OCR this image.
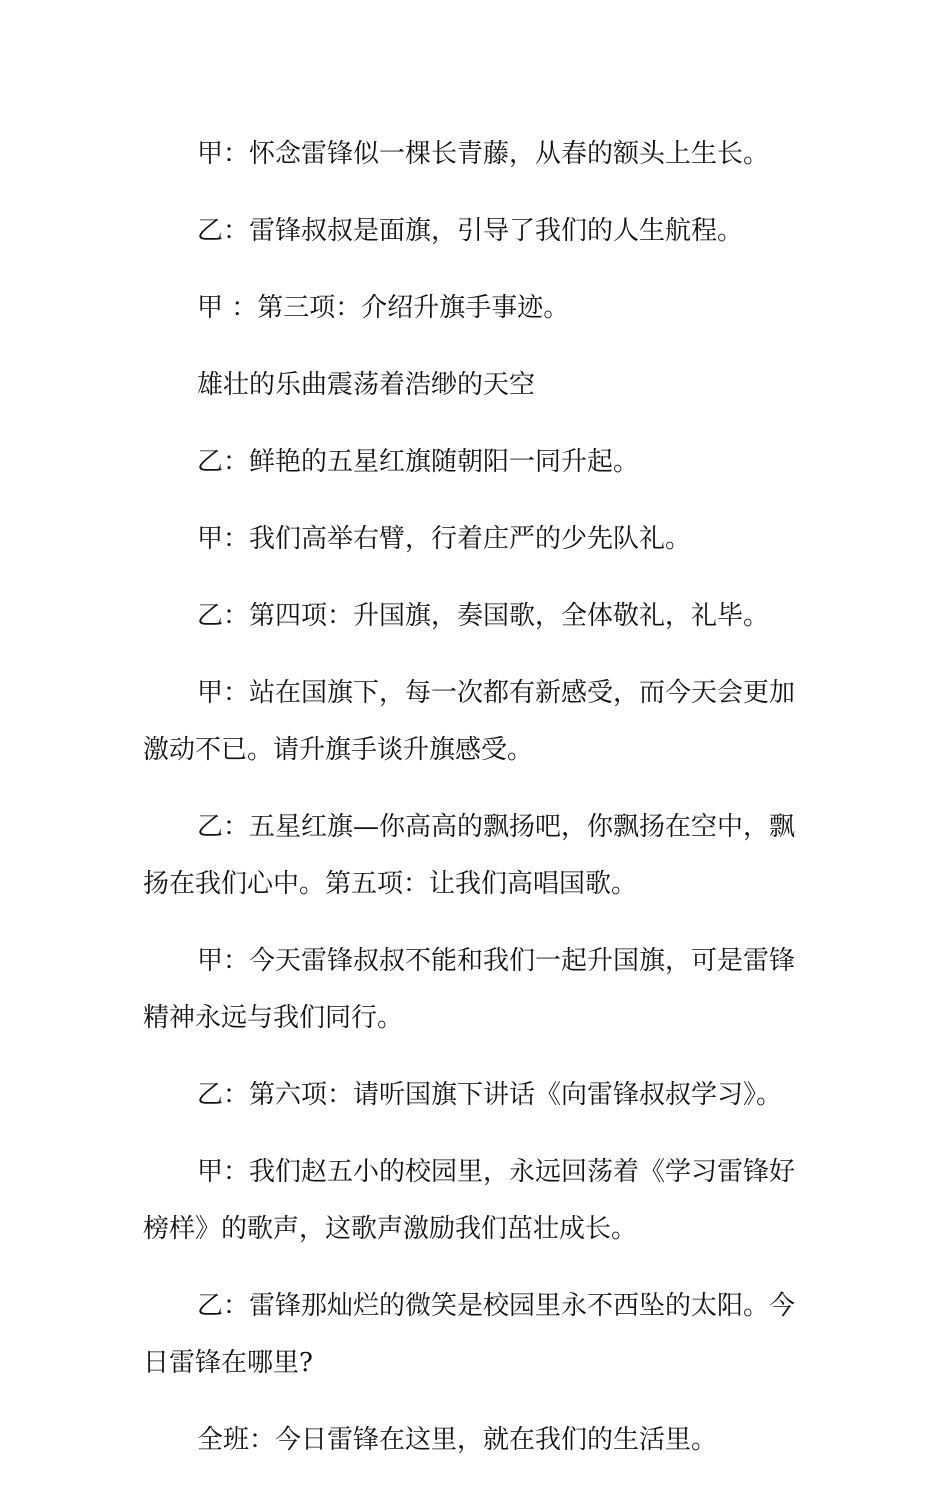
甲：怀念雷锋似一棵长青藤，从春的额头上生长。

乙：雷锋叔叔是面旗，引导了我们的人生航程。

甲 ：第三项：介绍升旗手事迹。

雄壮的乐曲震荡着浩缈的天空

乙：鲜艳的五星红旗随朝阳一同升起。

甲：我们高举右臂，行着庄严的少先队礼。

乙：第四项：升国旗，奏国歌，全体敬礼，礼毕。

甲：站在国旗下，每一次都有新感受，而今天会更加激动不已。请升旗手谈升旗感受。

乙：五星红旗—你高高的飘扬吧，你飘扬在空中，飘扬在我们心中。第五项：让我们高唱国歌。

甲：今天雷锋叔叔不能和我们一起升国旗，可是雷锋精神永远与我们同行。

乙：第六项：请听国旗下讲话《向雷锋叔叔学习》。

甲：我们赵五小的校园里，永远回荡着《学习雷锋好榜样》的歌声，这歌声激励我们茁壮成长。

乙：雷锋那灿烂的微笑是校园里永不西坠的太阳。今日雷锋在哪里?

全班：今日雷锋在这里，就在我们的生活里。
